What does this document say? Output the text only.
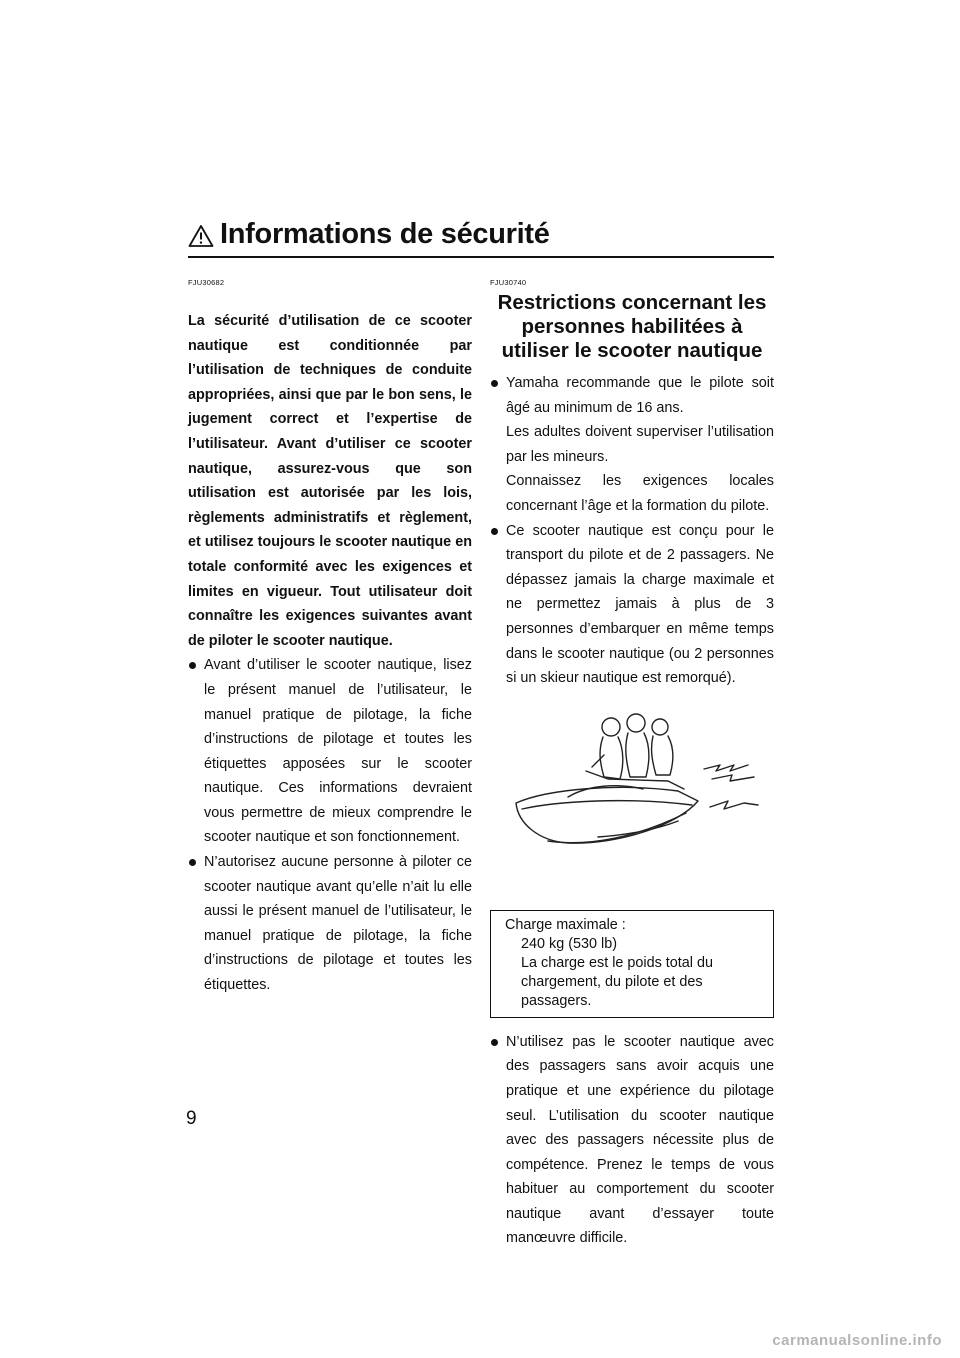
Informations de sécurité

FJU30682

La sécurité d’utilisation de ce scooter nautique est conditionnée par l’utilisation de techniques de conduite appropriées, ainsi que par le bon sens, le jugement correct et l’expertise de l’utilisateur. Avant d’utiliser ce scooter nautique, assurez-vous que son utilisation est autorisée par les lois, règlements administratifs et règlement, et utilisez toujours le scooter nautique en totale conformité avec les exigences et limites en vigueur. Tout utilisateur doit connaître les exigences suivantes avant de piloter le scooter nautique.

Avant d’utiliser le scooter nautique, lisez le présent manuel de l’utilisateur, le manuel pratique de pilotage, la fiche d’instructions de pilotage et toutes les étiquettes apposées sur le scooter nautique. Ces informations devraient vous permettre de mieux comprendre le scooter nautique et son fonctionnement.
N’autorisez aucune personne à piloter ce scooter nautique avant qu’elle n’ait lu elle aussi le présent manuel de l’utilisateur, le manuel pratique de pilotage, la fiche d’instructions de pilotage et toutes les étiquettes.

FJU30740

Restrictions concernant les personnes habilitées à utiliser le scooter nautique
Yamaha recommande que le pilote soit âgé au minimum de 16 ans.
Les adultes doivent superviser l’utilisation par les mineurs.
Connaissez les exigences locales concernant l’âge et la formation du pilote.
Ce scooter nautique est conçu pour le transport du pilote et de 2 passagers. Ne dépassez jamais la charge maximale et ne permettez jamais à plus de 3 personnes d’embarquer en même temps dans le scooter nautique (ou 2 personnes si un skieur nautique est remorqué).
Charge maximale :
240 kg (530 lb)
La charge est le poids total du chargement, du pilote et des passagers.
N’utilisez pas le scooter nautique avec des passagers sans avoir acquis une pratique et une expérience du pilotage seul. L’utilisation du scooter nautique avec des passagers nécessite plus de compétence. Prenez le temps de vous habituer au comportement du scooter nautique avant d’essayer toute manœuvre difficile.
9
carmanualsonline.info
